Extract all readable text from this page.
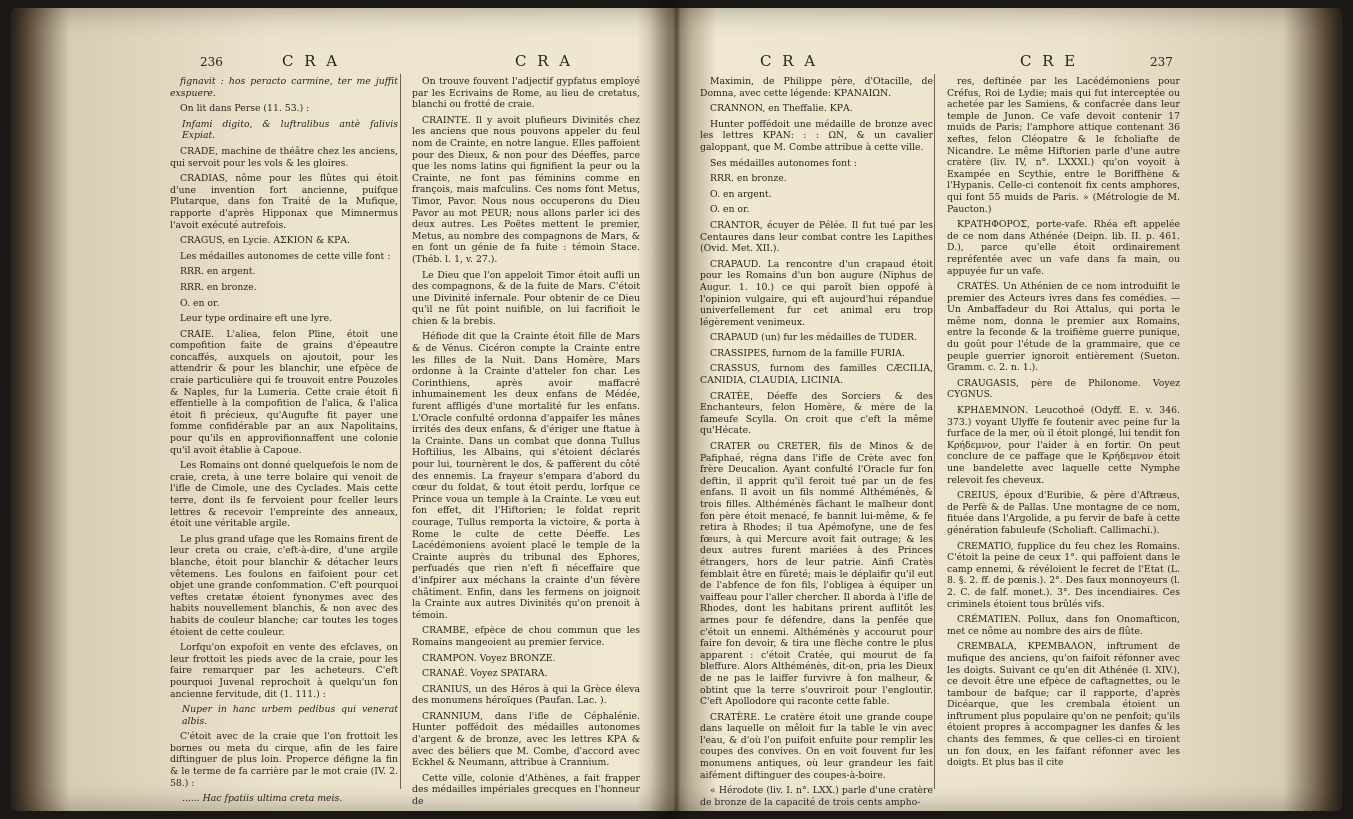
236	C R A	C R A

fignavit : hos peracto carmine, ter me juffit exspuere.

On lit dans Perse (11. 53.) :

Infami digito, & luftralibus antè falivis Expiat.

CRADE, machine de théâtre chez les anciens, qui servoit pour les vols & les gloires.

CRADIAS, nôme pour les flûtes qui étoit d'une invention fort ancienne, puifque Plutarque, dans fon Traité de la Mufique, rapporte d'après Hipponax que Mimnermus l'avoit exécuté autrefois.

CRAGUS, en Lycie. ΑΣΚΙΟΝ & ΚΡΑ.

Les médailles autonomes de cette ville font :

RRR. en argent.

RRR. en bronze.

O. en or.

Leur type ordinaire eft une lyre.

CRAIE. L'aliea, felon Pline, étoit une compofition faite de grains d'épeautre concaffés, auxquels on ajoutoit, pour les attendrir & pour les blanchir, une efpèce de craie particulière qui fe trouvoit entre Pouzoles & Naples, fur la Lumeria. Cette craie étoit fi effentielle à la compofition de l'alica, & l'alica étoit fi précieux, qu'Augufte fit payer une fomme confidérable par an aux Napolitains, pour qu'ils en approvifionnaffent une colonie qu'il avoit établie à Capoue.

Les Romains ont donné quelquefois le nom de craie, creta, à une terre bolaire qui venoit de l'ifle de Cimole, une des Cyclades. Mais cette terre, dont ils fe fervoient pour fceller leurs lettres & recevoir l'empreinte des anneaux, étoit une véritable argile.

Le plus grand ufage que les Romains firent de leur creta ou craie, c'eft-à-dire, d'une argile blanche, étoit pour blanchir & détacher leurs vêtemens. Les foulons en faifoient pour cet objet une grande confommation. C'eft pourquoi veftes cretatæ étoient fynonymes avec des habits nouvellement blanchis, & non avec des habits de couleur blanche; car toutes les toges étoient de cette couleur.

Lorfqu'on expofoit en vente des efclaves, on leur frottoit les pieds avec de la craie, pour les faire remarquer par les acheteurs. C'eft pourquoi Juvenal reprochoit à quelqu'un fon ancienne fervitude, dit (1. 111.) :

Nuper in hanc urbem pedibus qui venerat albis.

C'étoit avec de la craie que l'on frottoit les bornes ou meta du cirque, afin de les faire diftinguer de plus loin. Properce défigne la fin & le terme de fa carrière par le mot craie (IV. 2. 58.) :

...... Hac fpatiis ultima creta meis.

On trouve fouvent l'adjectif gypfatus employé par les Ecrivains de Rome, au lieu de cretatus, blanchi ou frotté de craie.

CRAINTE. Il y avoit plufieurs Divinités chez les anciens que nous pouvons appeler du feul nom de Crainte, en notre langue. Elles paffoient pour des Dieux, & non pour des Déeffes, parce que les noms latins qui fignifient la peur ou la Crainte, ne font pas féminins comme en françois, mais mafculins. Ces noms font Metus, Timor, Pavor. Nous nous occuperons du Dieu Pavor au mot PEUR; nous allons parler ici des deux autres. Les Poëtes mettent le premier, Metus, au nombre des compagnons de Mars, & en font un génie de fa fuite : témoin Stace. (Théb. l. 1, v. 27.).

Le Dieu que l'on appeloit Timor étoit aufli un des compagnons, & de la fuite de Mars. C'étoit une Divinité infernale. Pour obtenir de ce Dieu qu'il ne fût point nuifible, on lui facrifioit le chien & la brebis.

Héfiode dit que la Crainte étoit fille de Mars & de Vénus. Cicéron compte la Crainte entre les filles de la Nuit. Dans Homère, Mars ordonne à la Crainte d'atteler fon char. Les Corinthiens, après avoir maffacré inhumainement les deux enfans de Médée, furent affligés d'une mortalité fur les enfans. L'Oracle confulté ordonna d'appaifer les mânes irrités des deux enfans, & d'ériger une ftatue à la Crainte. Dans un combat que donna Tullus Hoftilius, les Albains, qui s'étoient déclarés pour lui, tournèrent le dos, & paffèrent du côté des ennemis. La frayeur s'empara d'abord du cœur du foldat, & tout étoit perdu, lorfque ce Prince voua un temple à la Crainte. Le vœu eut fon effet, dit l'Hiftorien; le foldat reprit courage, Tullus remporta la victoire, & porta à Rome le culte de cette Déeffe. Les Lacédémoniens avoient placé le temple de la Crainte auprès du tribunal des Ephores, perfuadés que rien n'eft fi néceffaire que d'infpirer aux méchans la crainte d'un févère châtiment. Enfin, dans les fermens on joignoit la Crainte aux autres Divinités qu'on prenoit à témoin.

CRAMBE, efpèce de chou commun que les Romains mangeoient au premier fervice.

CRAMPON. Voyez BRONZE.

CRANAÉ. Voyez SPATARA.

CRANIUS, un des Héros à qui la Grèce éleva des monumens héroïques (Paufan. Lac. ).

CRANNIUM, dans l'ifle de Céphalénie. Hunter poffédoit des médailles autonomes d'argent & de bronze, avec les lettres ΚΡΑ & avec des béliers que M. Combe, d'accord avec Eckhel & Neumann, attribue à Crannium.

Cette ville, colonie d'Athènes, a fait frapper des médailles impériales grecques en l'honneur de

C R A	C R E	237

Maximin, de Philippe père, d'Otacille, de Domna, avec cette légende: ΚΡΑΝΑΙΩΝ.

CRANNON, en Theffalie. ΚΡΑ.

Hunter poffédoit une médaille de bronze avec les lettres ΚΡΑΝ: : : ΩΝ, & un cavalier galoppant, que M. Combe attribue à cette ville.

Ses médailles autonomes font :

RRR. en bronze.

O. en argent.

O. en or.

CRANTOR, écuyer de Pélée. Il fut tué par les Centaures dans leur combat contre les Lapithes (Ovid. Met. XII.).

CRAPAUD. La rencontre d'un crapaud étoit pour les Romains d'un bon augure (Niphus de Augur. 1. 10.) ce qui paroît bien oppofé à l'opinion vulgaire, qui eft aujourd'hui répandue univerfellement fur cet animal eru trop légèrement venimeux.

CRAPAUD (un) fur les médailles de TUDER.

CRASSIPES, furnom de la famille FURIA.

CRASSUS, furnom des familles CÆCILIA, CANIDIA, CLAUDIA, LICINIA.

CRATÉE, Déeffe des Sorciers & des Enchanteurs, felon Homère, & mère de la fameufe Scylla. On croit que c'eft la même qu'Hécate.

CRATER ou CRETER, fils de Minos & de Pafiphaé, régna dans l'ifle de Crète avec fon frère Deucalion. Ayant confulté l'Oracle fur fon deftin, il apprit qu'il feroit tué par un de fes enfans. Il avoit un fils nommé Althéménès, & trois filles. Althéménès fâchant le malheur dont fon père étoit menacé, fe bannit lui-même, & fe retira à Rhodes; il tua Apémofyne, une de fes fœurs, à qui Mercure avoit fait outrage; & les deux autres furent mariées à des Princes étrangers, hors de leur patrie. Ainfi Cratès femblait être en fûreté; mais le déplaifir qu'il eut de l'abfence de fon fils, l'obligea à équiper un vaiffeau pour l'aller chercher. Il aborda à l'ifle de Rhodes, dont les habitans prirent auflitôt les armes pour fe défendre, dans la penfée que c'étoit un ennemi. Althéménès y accourut pour faire fon devoir, & tira une flèche contre le plus apparent : c'étoit Cratée, qui mourut de fa bleffure. Alors Althéménès, dit-on, pria les Dieux de ne pas le laiffer furvivre à fon malheur, & obtint que la terre s'ouvriroit pour l'engloutir. C'eft Apollodore qui raconte cette fable.

CRATÈRE. Le cratère étoit une grande coupe dans laquelle on mêloit fur la table le vin avec l'eau, & d'où l'on puifoit enfuite pour remplir les coupes des convives. On en voit fouvent fur les monumens antiques, où leur grandeur les fait aifément diftinguer des coupes-à-boire.

« Hérodote (liv. I. n°. LXX.) parle d'une cratère de bronze de la capacité de trois cents ampho-

res, deftinée par les Lacédémoniens pour Créfus, Roi de Lydie; mais qui fut interceptée ou achetée par les Samiens, & confacrée dans leur temple de Junon. Ce vafe devoit contenir 17 muids de Paris; l'amphore attique contenant 36 xeftes, felon Cléopatre & le fcholiafte de Nicandre. Le même Hiftorien parle d'une autre cratère (liv. IV, n°. LXXXI.) qu'on voyoit à Exampée en Scythie, entre le Boriffhène & l'Hypanis. Celle-ci contenoit fix cents amphores, qui font 55 muids de Paris. » (Métrologie de M. Paucton.)

ΚΡΑΤΗΦΟΡΟΣ, porte-vafe. Rhéa eft appelée de ce nom dans Athénée (Deipn. lib. II. p. 461. D.), parce qu'elle étoit ordinairement repréfentée avec un vafe dans fa main, ou appuyée fur un vafe.

CRATÈS. Un Athénien de ce nom introduifit le premier des Acteurs ivres dans fes comédies. — Un Ambaffadeur du Roi Attalus, qui porta le même nom, donna le premier aux Romains, entre la feconde & la troifième guerre punique, du goût pour l'étude de la grammaire, que ce peuple guerrier ignoroit entièrement (Sueton. Gramm. c. 2. n. 1.).

CRAUGASIS, père de Philonome. Voyez CYGNUS.

ΚΡΗΔΕΜΝΟΝ. Leucothoé (Odyff. E. v. 346. 373.) voyant Ulyffe fe foutenir avec peine fur la furface de la mer, où il étoit plongé, lui tendit fon Κρήδεμνον, pour l'aider à en fortir. On peut conclure de ce paffage que le Κρήδεμνον étoit une bandelette avec laquelle cette Nymphe relevoit fes cheveux.

CREIUS, époux d'Euribie, & père d'Aftræus, de Perfè & de Pallas. Une montagne de ce nom, fituée dans l'Argolide, a pu fervir de bafe à cette génération fabuleufe (Scholiaft. Callimachi.).

CREMATIO, fupplice du feu chez les Romains. C'étoit la peine de ceux 1°. qui paffoient dans le camp ennemi, & révéloient le fecret de l'Etat (L. 8. §. 2. ff. de pœnis.). 2°. Des faux monnoyeurs (l. 2. C. de falf. monet.). 3°. Des incendiaires. Ces criminels étoient tous brûlés vifs.

CRÉMATIEN. Pollux, dans fon Onomafticon, met ce nôme au nombre des airs de flûte.

CREMBALA, ΚΡΕΜΒΑΛΟΝ, inftrument de mufique des anciens, qu'on faifoit réfonner avec les doigts. Suivant ce qu'en dit Athénée (l. XIV.), ce devoit être une efpèce de caftagnettes, ou le tambour de bafque; car il rapporte, d'après Dicéarque, que les crembala étoient un inftrument plus populaire qu'on ne penfoit; qu'ils étoient propres à accompagner les danfes & les chants des femmes, & que celles-ci en tiroient un fon doux, en les faifant réfonner avec les doigts. Et plus bas il cite
